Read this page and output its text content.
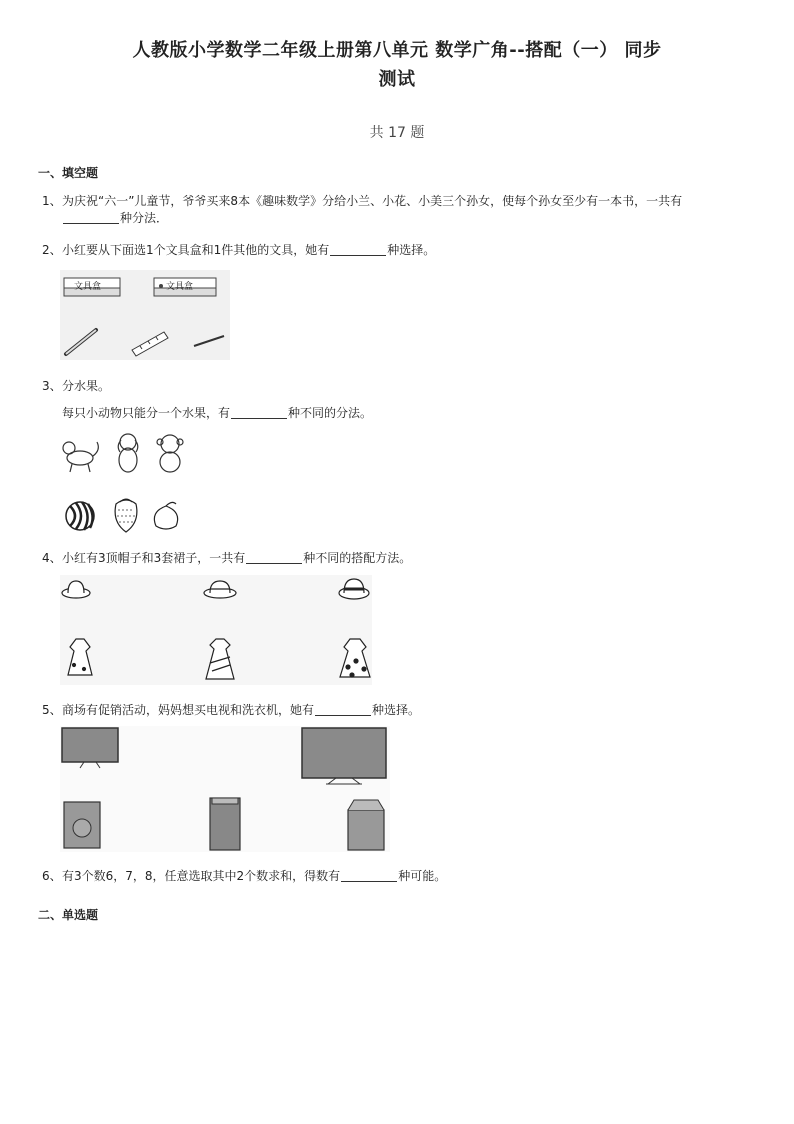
人教版小学数学二年级上册第八单元 数学广角--搭配（一） 同步
测试
共 17 题
一、填空题
1、为庆祝“六一”儿童节，爷爷买来8本《趣味数学》分给小兰、小花、小美三个孙女，使每个孙女至少有一本书，一共有
种分法．
2、小红要从下面选1个文具盒和1件其他的文具，她有	种选择。
文具盒	文具盒
3、分水果。
每只小动物只能分一个水果，有	种不同的分法。
4、小红有3顶帽子和3套裙子，一共有	种不同的搭配方法。
5、商场有促销活动，妈妈想买电视和洗衣机，她有	种选择。
6、有3个数6，7，8，任意选取其中2个数求和，得数有	种可能。
二、单选题
